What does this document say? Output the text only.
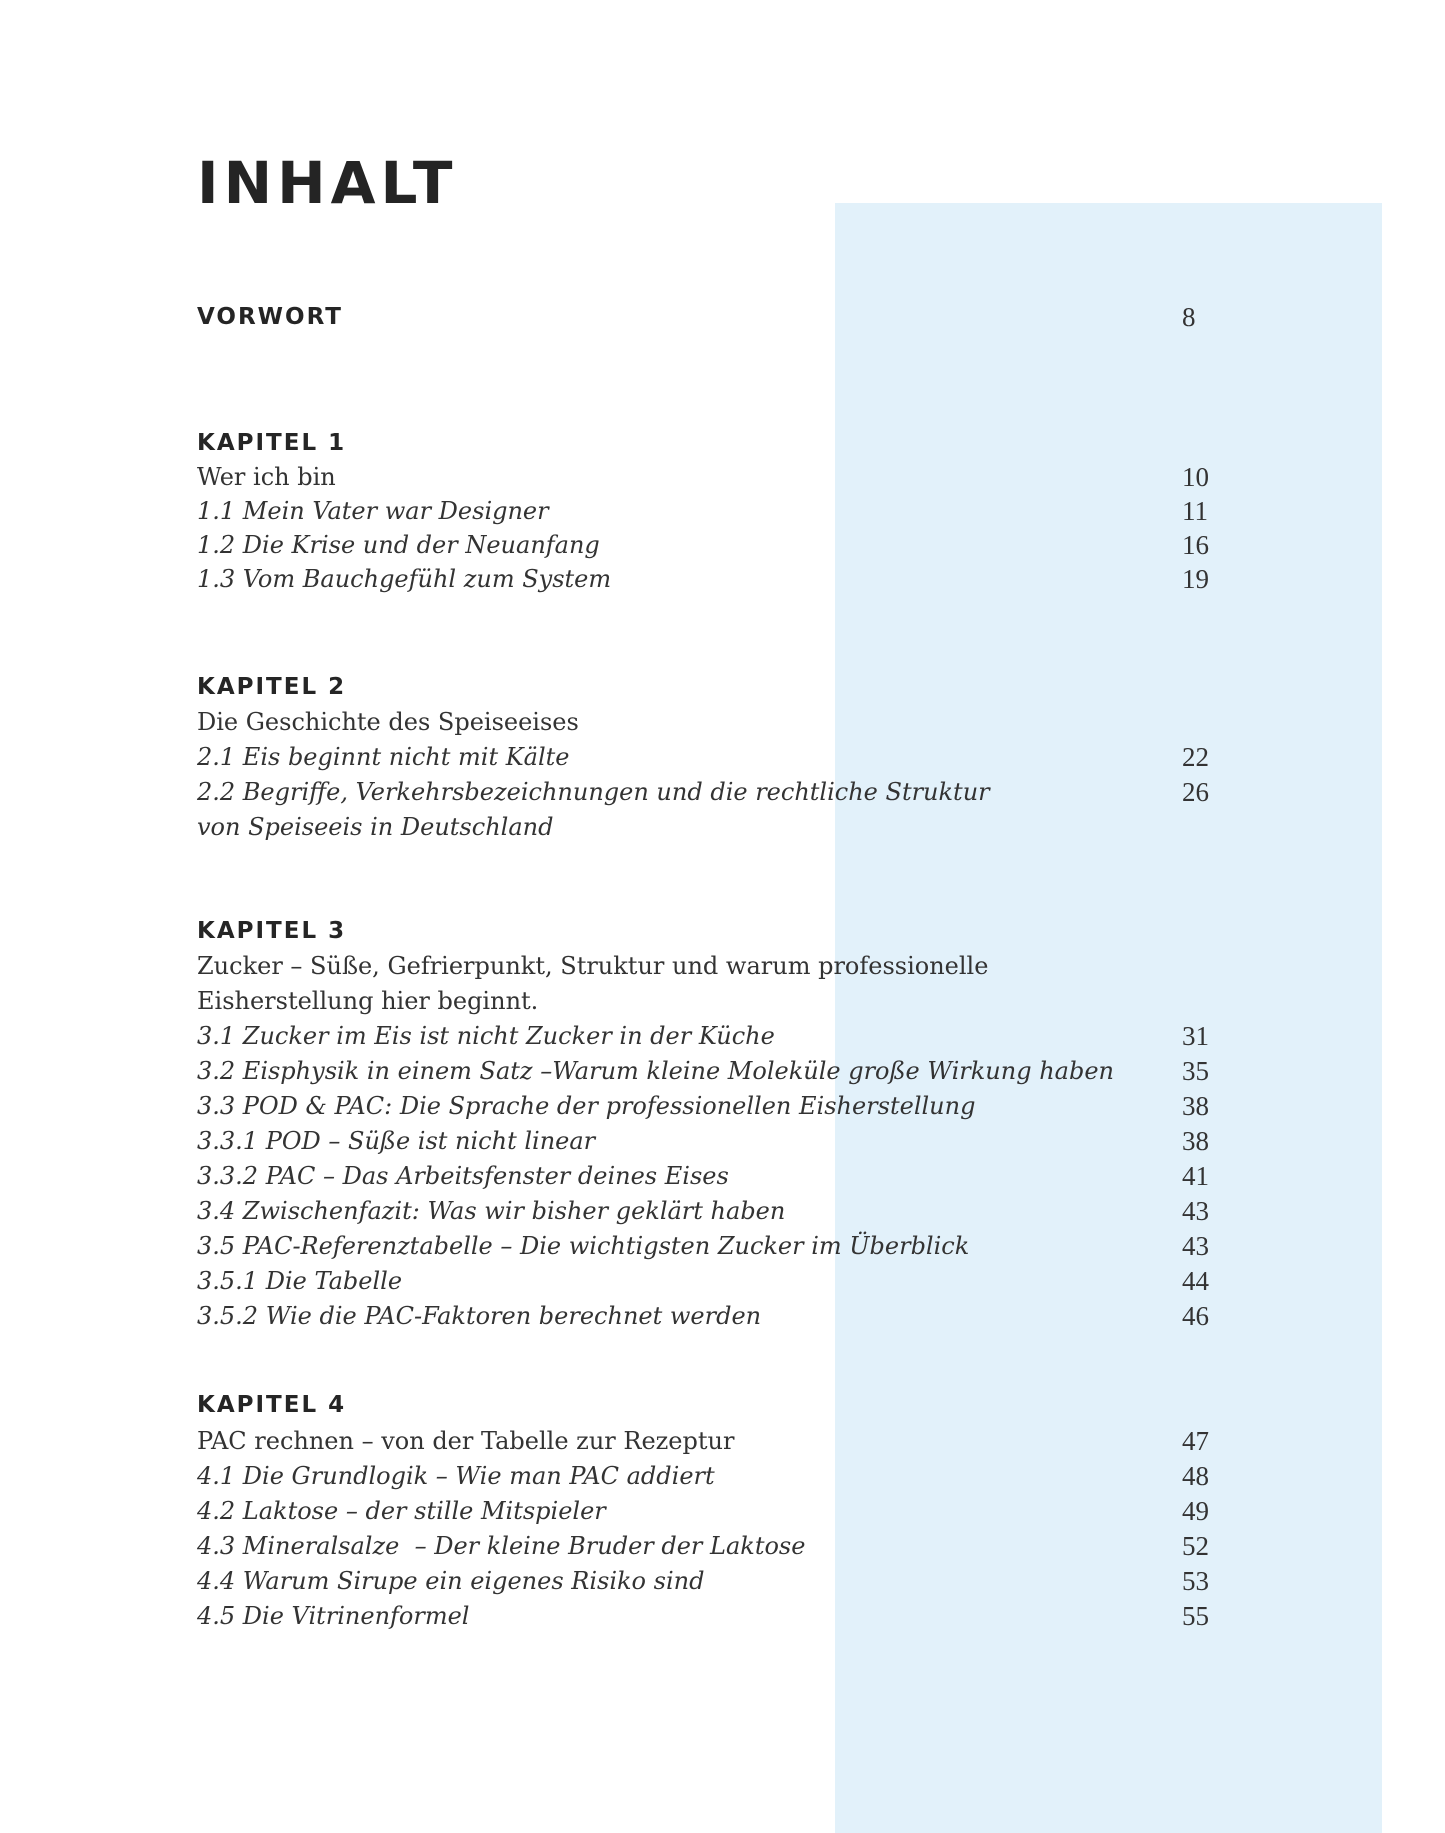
INHALT
VORWORT	8
KAPITEL 1
Wer ich bin	10
1.1 Mein Vater war Designer	11
1.2 Die Krise und der Neuanfang	16
1.3 Vom Bauchgefühl zum System	19
KAPITEL 2
Die Geschichte des Speiseeises
2.1 Eis beginnt nicht mit Kälte	22
2.2 Begriffe, Verkehrsbezeichnungen und die rechtliche Struktur	26
von Speiseeis in Deutschland
KAPITEL 3
Zucker – Süße, Gefrierpunkt, Struktur und warum professionelle
Eisherstellung hier beginnt.
3.1 Zucker im Eis ist nicht Zucker in der Küche	31
3.2 Eisphysik in einem Satz –Warum kleine Moleküle große Wirkung haben	35
3.3 POD & PAC: Die Sprache der professionellen Eisherstellung	38
3.3.1 POD – Süße ist nicht linear	38
3.3.2 PAC – Das Arbeitsfenster deines Eises	41
3.4 Zwischenfazit: Was wir bisher geklärt haben	43
3.5 PAC-Referenztabelle – Die wichtigsten Zucker im Überblick	43
3.5.1 Die Tabelle	44
3.5.2 Wie die PAC-Faktoren berechnet werden	46
KAPITEL 4
PAC rechnen – von der Tabelle zur Rezeptur	47
4.1 Die Grundlogik – Wie man PAC addiert	48
4.2 Laktose – der stille Mitspieler	49
4.3 Mineralsalze  – Der kleine Bruder der Laktose	52
4.4 Warum Sirupe ein eigenes Risiko sind	53
4.5 Die Vitrinenformel	55
